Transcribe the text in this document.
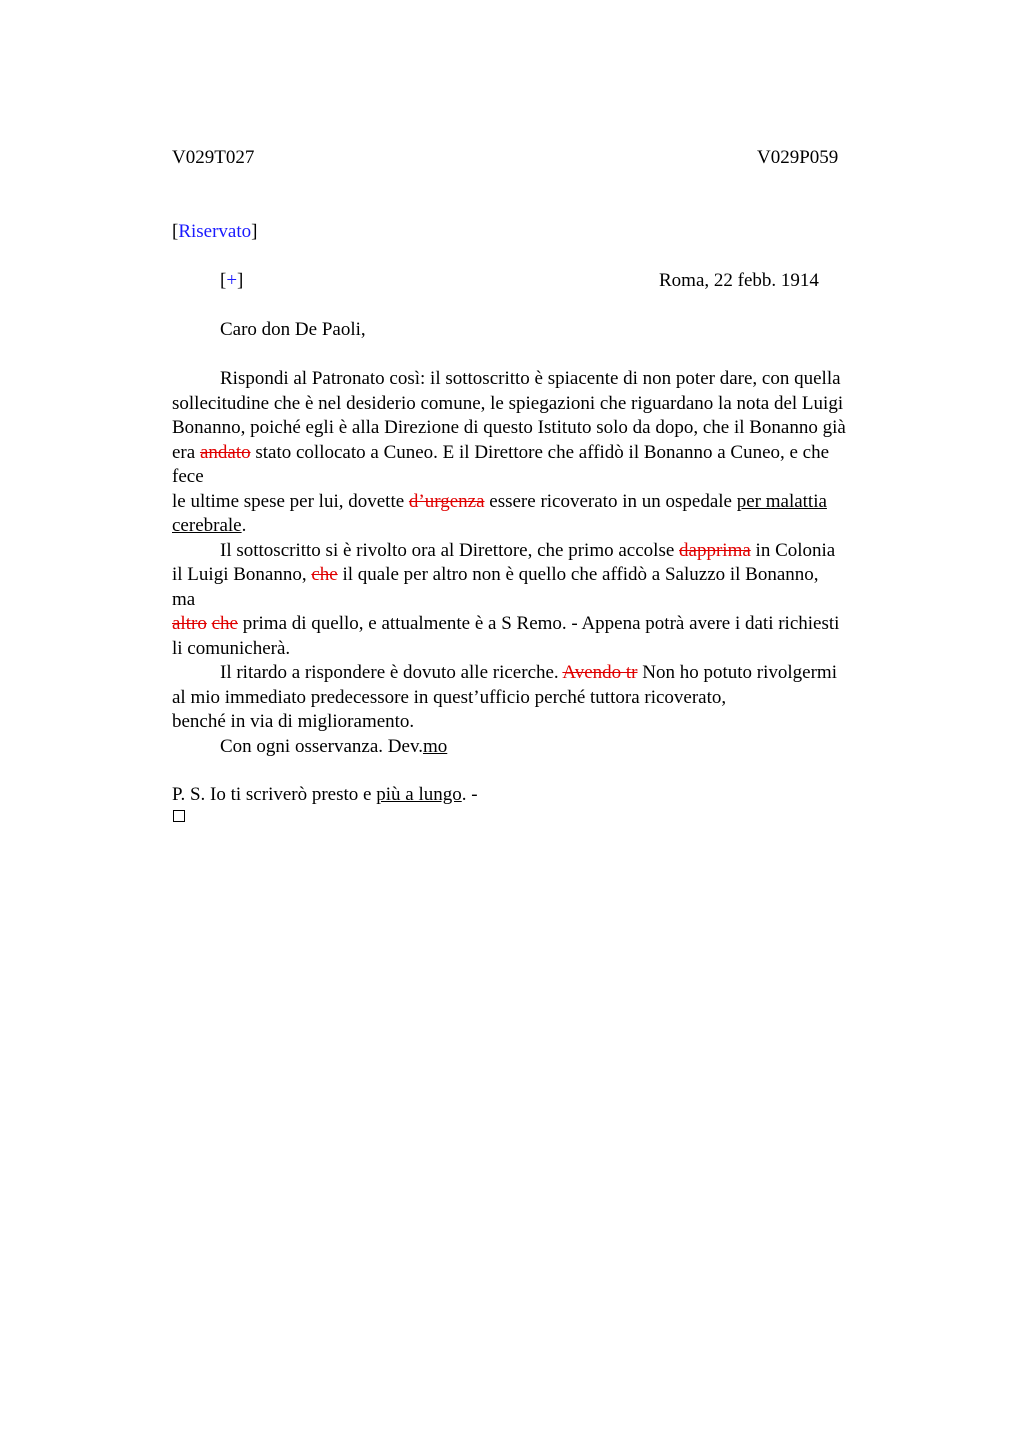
V029T027	V029P059
[Riservato]
[+]	Roma, 22 febb. 1914
Caro don De Paoli,
Rispondi al Patronato così: il sottoscritto è spiacente di non poter dare, con quella
sollecitudine che è nel desiderio comune, le spiegazioni che riguardano la nota del Luigi
Bonanno, poiché egli è alla Direzione di questo Istituto solo da dopo, che il Bonanno già
era andato stato collocato a Cuneo. E il Direttore che affidò il Bonanno a Cuneo, e che
fece
le ultime spese per lui, dovette d’urgenza essere ricoverato in un ospedale per malattia
cerebrale.
Il sottoscritto si è rivolto ora al Direttore, che primo accolse dapprima in Colonia
il Luigi Bonanno, che il quale per altro non è quello che affidò a Saluzzo il Bonanno,
ma
altro che prima di quello, e attualmente è a S Remo. - Appena potrà avere i dati richiesti
li comunicherà.
Il ritardo a rispondere è dovuto alle ricerche. Avendo tr Non ho potuto rivolgermi
al mio immediato predecessore in quest’ufficio perché tuttora ricoverato,
benché in via di miglioramento.
Con ogni osservanza. Dev.mo
P. S. Io ti scriverò presto e più a lungo. -
